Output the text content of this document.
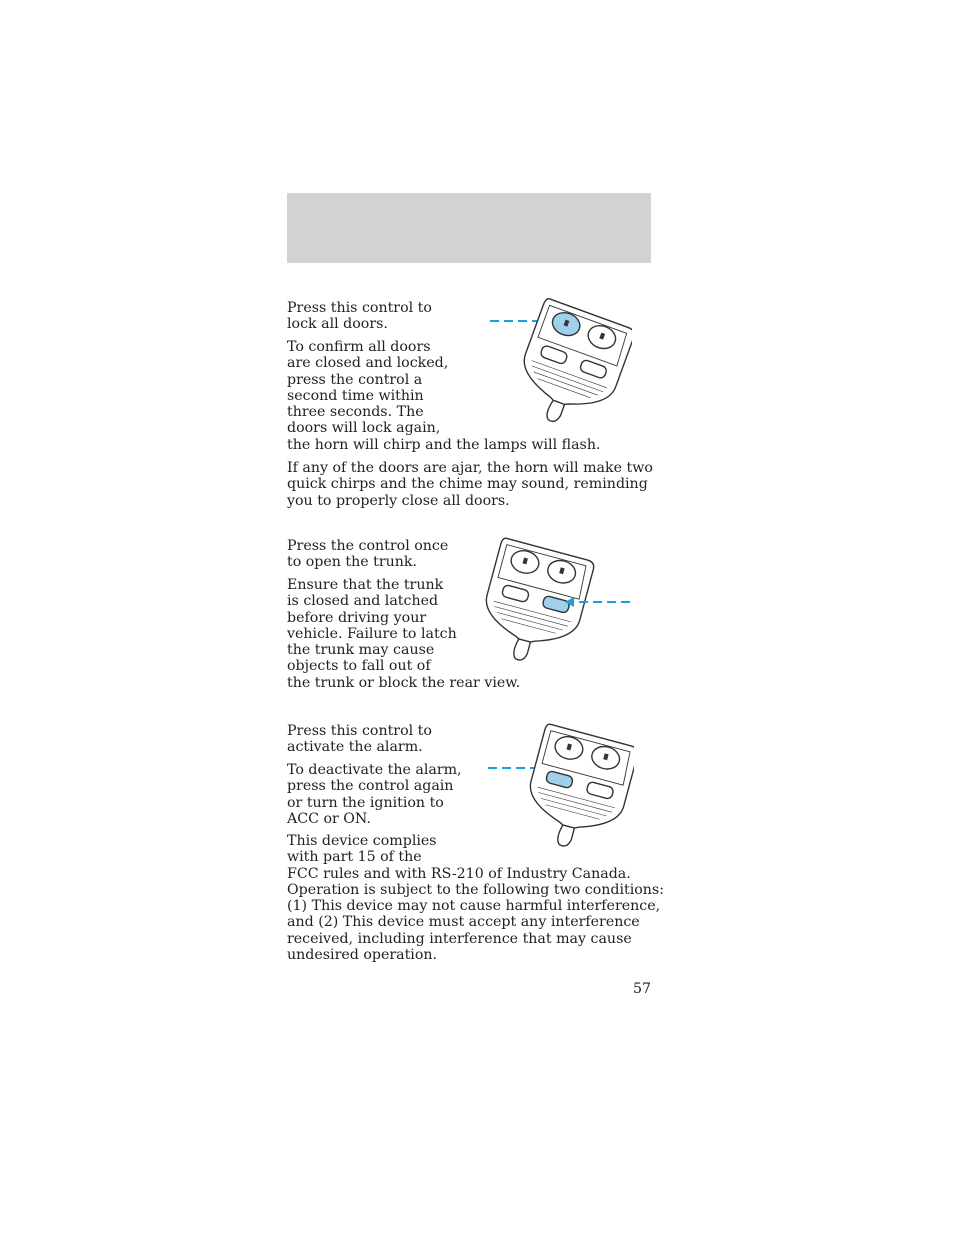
Press this control to
lock all doors.

To confirm all doors
are closed and locked,
press the control a
second time within
three seconds. The
doors will lock again,
the horn will chirp and the lamps will flash.

If any of the doors are ajar, the horn will make two
quick chirps and the chime may sound, reminding
you to properly close all doors.

Press the control once
to open the trunk.

Ensure that the trunk
is closed and latched
before driving your
vehicle. Failure to latch
the trunk may cause
objects to fall out of
the trunk or block the rear view.

Press this control to
activate the alarm.

To deactivate the alarm,
press the control again
or turn the ignition to
ACC or ON.

This device complies
with part 15 of the
FCC rules and with RS-210 of Industry Canada.
Operation is subject to the following two conditions:
(1) This device may not cause harmful interference,
and (2) This device must accept any interference
received, including interference that may cause
undesired operation.

57
